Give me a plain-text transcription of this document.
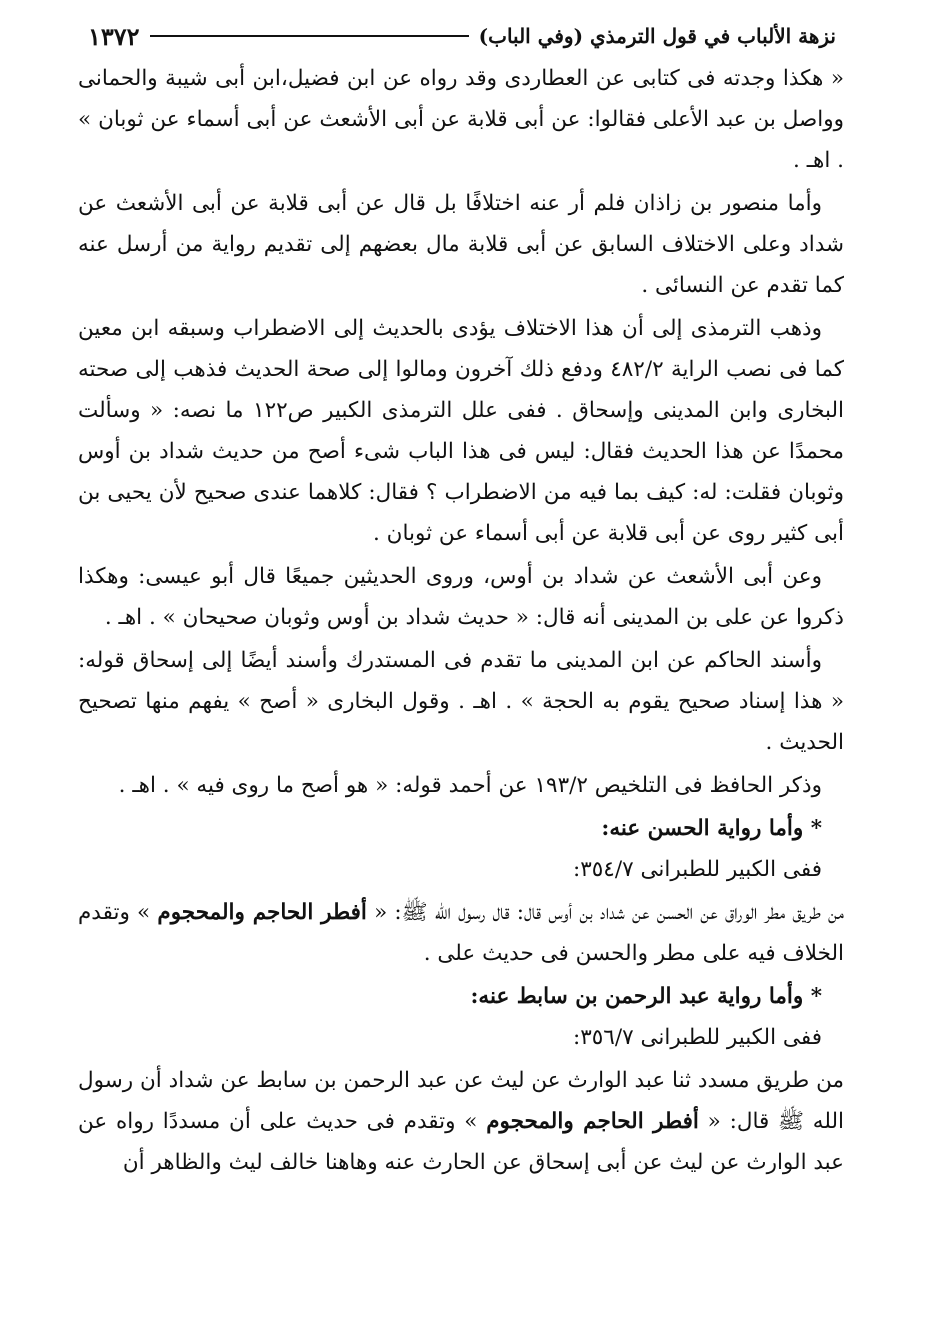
نزهة الألباب في قول الترمذي (وفي الباب)
١٣٧٢

« هكذا وجدته فى كتابى عن العطاردى وقد رواه عن ابن فضيل،ابن أبى شيبة والحمانى وواصل بن عبد الأعلى فقالوا: عن أبى قلابة عن أبى الأشعث عن أبى أسماء عن ثوبان » . اهـ .

وأما منصور بن زاذان فلم أر عنه اختلافًا بل قال عن أبى قلابة عن أبى الأشعث عن شداد وعلى الاختلاف السابق عن أبى قلابة مال بعضهم إلى تقديم رواية من أرسل عنه كما تقدم عن النسائى .

وذهب الترمذى إلى أن هذا الاختلاف يؤدى بالحديث إلى الاضطراب وسبقه ابن معين كما فى نصب الراية ٤٨٢/٢ ودفع ذلك آخرون ومالوا إلى صحة الحديث فذهب إلى صحته البخارى وابن المدينى وإسحاق . ففى علل الترمذى الكبير ص١٢٢ ما نصه: « وسألت محمدًا عن هذا الحديث فقال: ليس فى هذا الباب شىء أصح من حديث شداد بن أوس وثوبان فقلت: له: كيف بما فيه من الاضطراب ؟ فقال: كلاهما عندى صحيح لأن يحيى بن أبى كثير روى عن أبى قلابة عن أبى أسماء عن ثوبان .

وعن أبى الأشعث عن شداد بن أوس، وروى الحديثين جميعًا قال أبو عيسى: وهكذا ذكروا عن على بن المدينى أنه قال: « حديث شداد بن أوس وثوبان صحيحان » . اهـ .

وأسند الحاكم عن ابن المدينى ما تقدم فى المستدرك وأسند أيضًا إلى إسحاق قوله: « هذا إسناد صحيح يقوم به الحجة » . اهـ . وقول البخارى « أصح » يفهم منها تصحيح الحديث .

وذكر الحافظ فى التلخيص ١٩٣/٢ عن أحمد قوله: « هو أصح ما روى فيه » . اهـ .

* وأما رواية الحسن عنه:

ففى الكبير للطبرانى ٣٥٤/٧:

من طريق مطر الوراق عن الحسن عن شداد بن أوس قال: قال رسول الله ﷺ: « أفطر الحاجم والمحجوم » وتقدم الخلاف فيه على مطر والحسن فى حديث على .

* وأما رواية عبد الرحمن بن سابط عنه:

ففى الكبير للطبرانى ٣٥٦/٧:

من طريق مسدد ثنا عبد الوارث عن ليث عن عبد الرحمن بن سابط عن شداد أن رسول الله ﷺ قال: « أفطر الحاجم والمحجوم » وتقدم فى حديث على أن مسددًا رواه عن عبد الوارث عن ليث عن أبى إسحاق عن الحارث عنه وهاهنا خالف ليث والظاهر أن
